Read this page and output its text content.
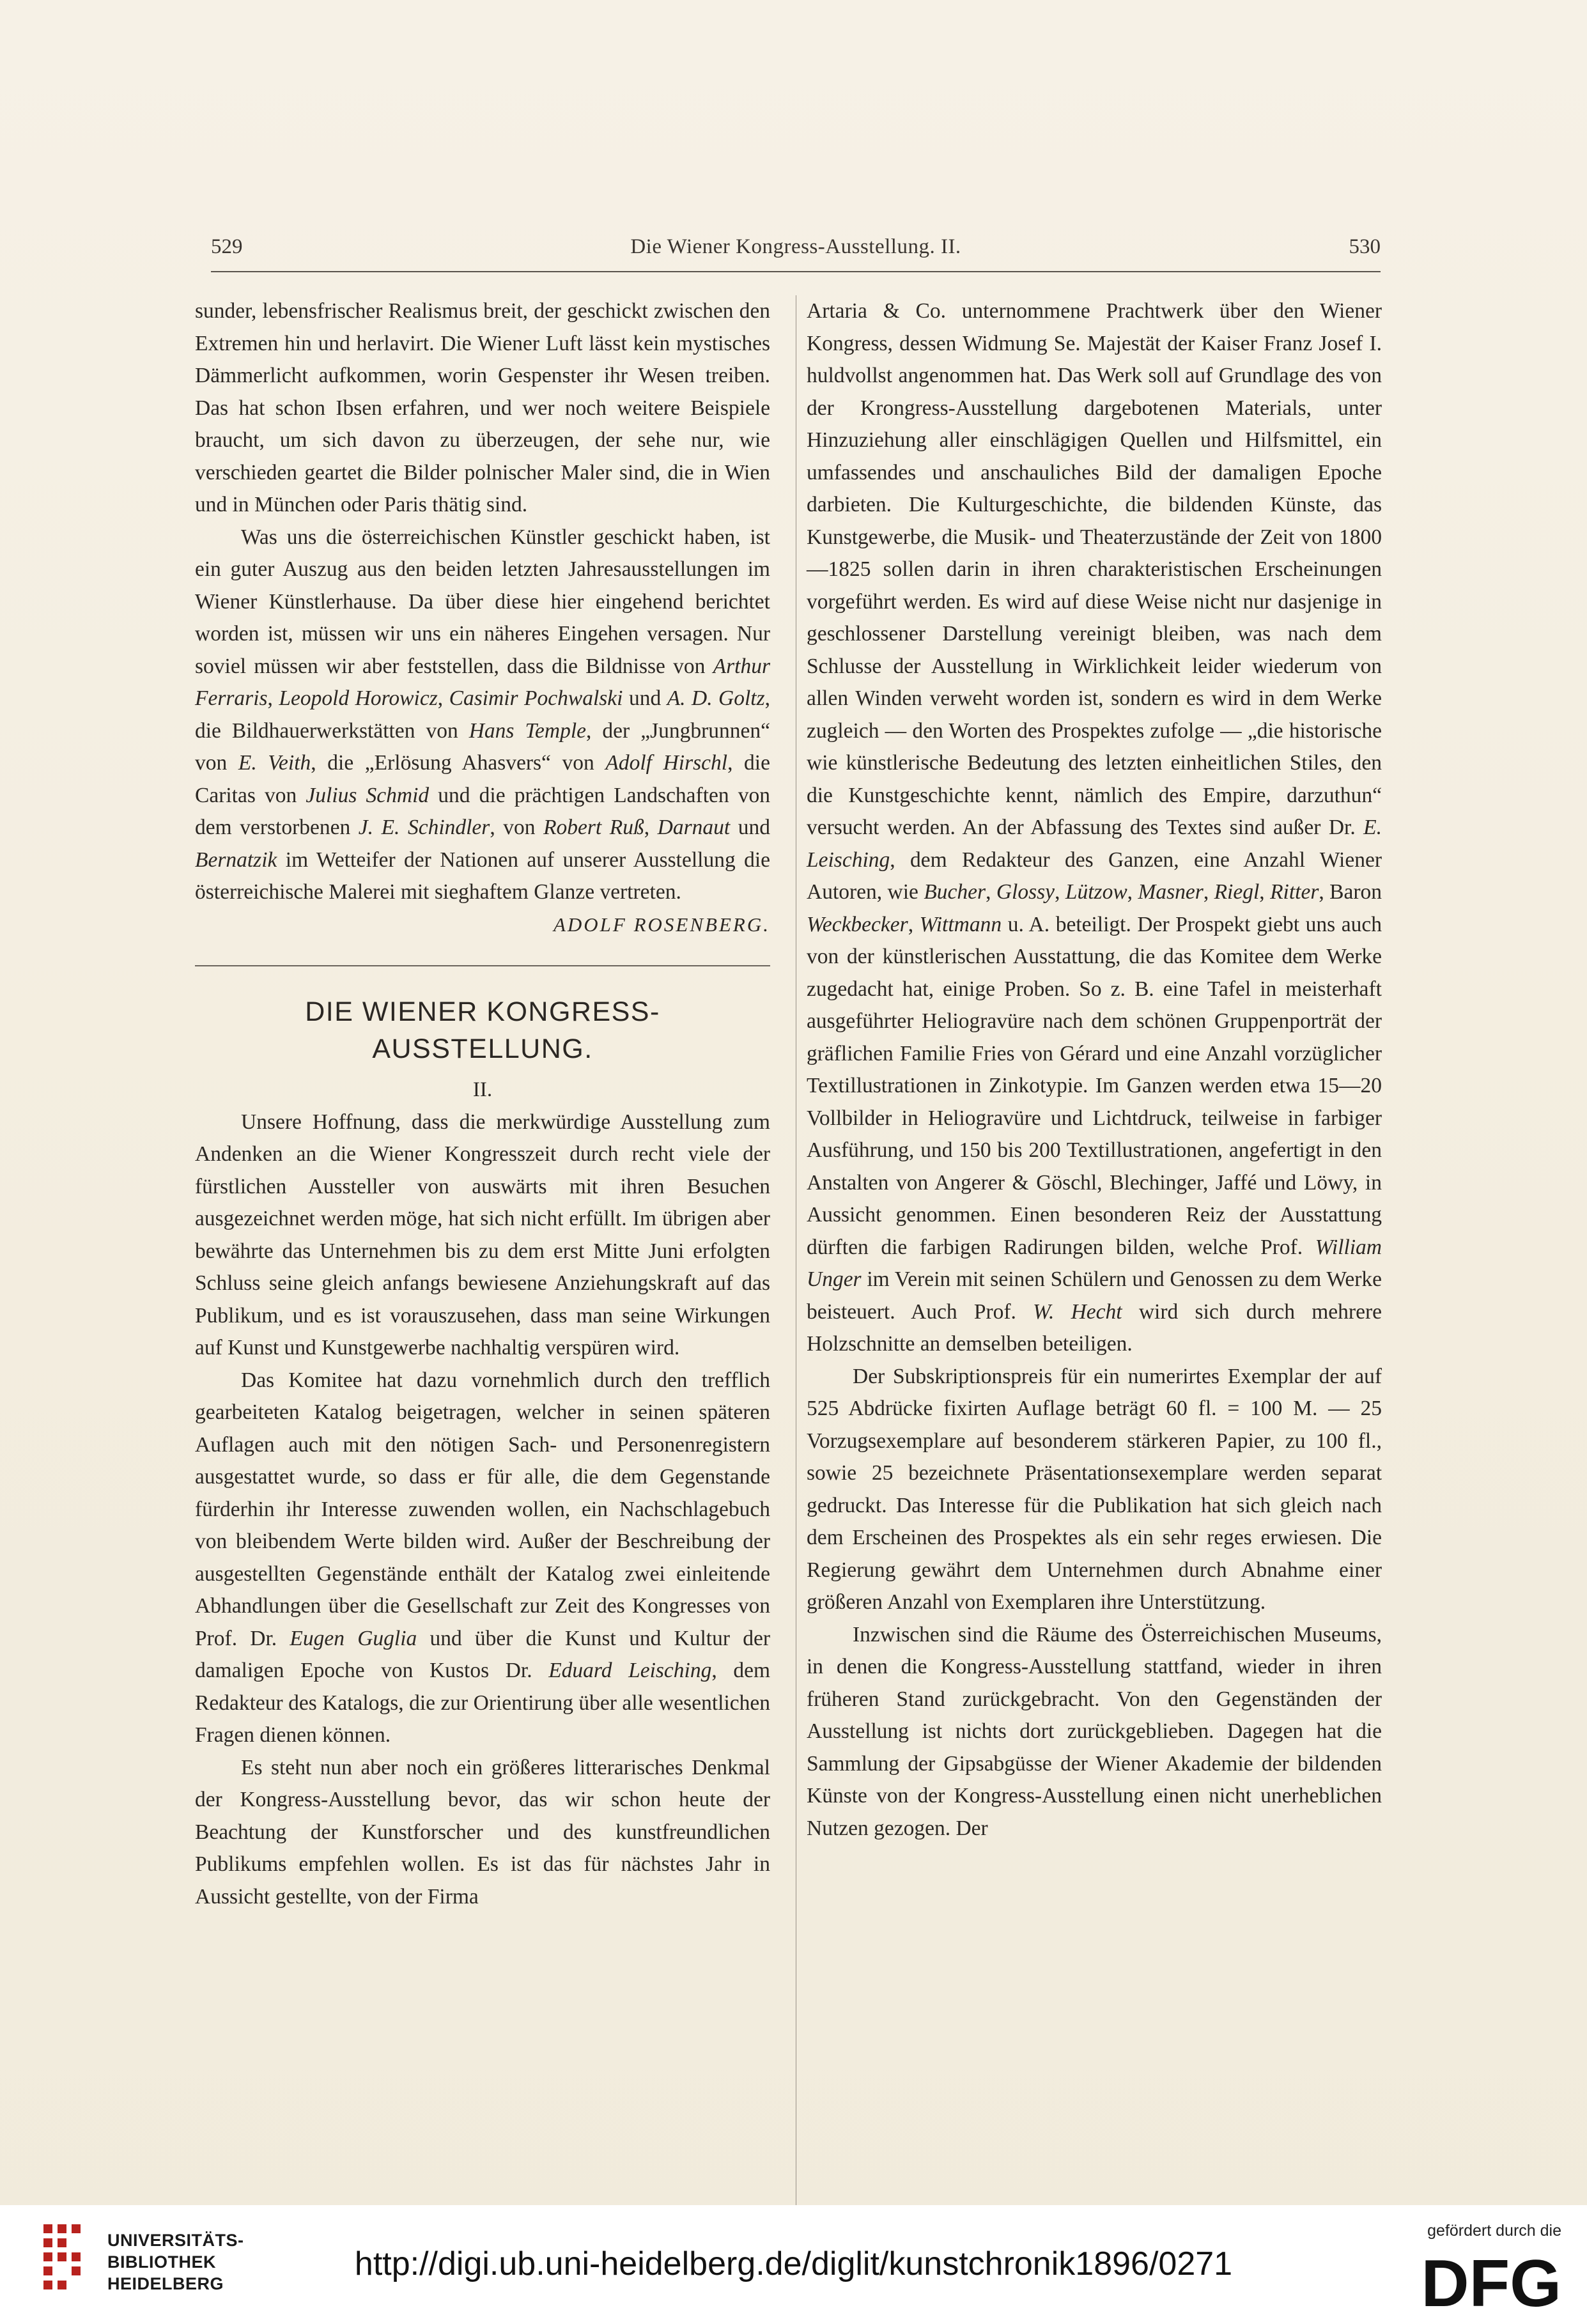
529	Die Wiener Kongress-Ausstellung. II.	530

sunder, lebensfrischer Realismus breit, der geschickt zwischen den Extremen hin und herlavirt. Die Wiener Luft lässt kein mystisches Dämmerlicht aufkommen, worin Gespenster ihr Wesen treiben. Das hat schon Ibsen erfahren, und wer noch weitere Beispiele braucht, um sich davon zu überzeugen, der sehe nur, wie verschieden geartet die Bilder polnischer Maler sind, die in Wien und in München oder Paris thätig sind.

Was uns die österreichischen Künstler geschickt haben, ist ein guter Auszug aus den beiden letzten Jahresausstellungen im Wiener Künstlerhause. Da über diese hier eingehend berichtet worden ist, müssen wir uns ein näheres Eingehen versagen. Nur soviel müssen wir aber feststellen, dass die Bildnisse von Arthur Ferraris, Leopold Horowicz, Casimir Pochwalski und A. D. Goltz, die Bildhauerwerkstätten von Hans Temple, der „Jungbrunnen“ von E. Veith, die „Erlösung Ahasvers“ von Adolf Hirschl, die Caritas von Julius Schmid und die prächtigen Landschaften von dem verstorbenen J. E. Schindler, von Robert Ruß, Darnaut und Bernatzik im Wetteifer der Nationen auf unserer Ausstellung die österreichische Malerei mit sieghaftem Glanze vertreten.

ADOLF ROSENBERG.

DIE WIENER KONGRESS-AUSSTELLUNG.

II.

Unsere Hoffnung, dass die merkwürdige Ausstellung zum Andenken an die Wiener Kongresszeit durch recht viele der fürstlichen Aussteller von auswärts mit ihren Besuchen ausgezeichnet werden möge, hat sich nicht erfüllt. Im übrigen aber bewährte das Unternehmen bis zu dem erst Mitte Juni erfolgten Schluss seine gleich anfangs bewiesene Anziehungskraft auf das Publikum, und es ist vorauszusehen, dass man seine Wirkungen auf Kunst und Kunstgewerbe nachhaltig verspüren wird.

Das Komitee hat dazu vornehmlich durch den trefflich gearbeiteten Katalog beigetragen, welcher in seinen späteren Auflagen auch mit den nötigen Sach- und Personenregistern ausgestattet wurde, so dass er für alle, die dem Gegenstande fürderhin ihr Interesse zuwenden wollen, ein Nachschlagebuch von bleibendem Werte bilden wird. Außer der Beschreibung der ausgestellten Gegenstände enthält der Katalog zwei einleitende Abhandlungen über die Gesellschaft zur Zeit des Kongresses von Prof. Dr. Eugen Guglia und über die Kunst und Kultur der damaligen Epoche von Kustos Dr. Eduard Leisching, dem Redakteur des Katalogs, die zur Orientirung über alle wesentlichen Fragen dienen können.

Es steht nun aber noch ein größeres litterarisches Denkmal der Kongress-Ausstellung bevor, das wir schon heute der Beachtung der Kunstforscher und des kunstfreundlichen Publikums empfehlen wollen. Es ist das für nächstes Jahr in Aussicht gestellte, von der Firma

Artaria & Co. unternommene Prachtwerk über den Wiener Kongress, dessen Widmung Se. Majestät der Kaiser Franz Josef I. huldvollst angenommen hat. Das Werk soll auf Grundlage des von der Krongress-Ausstellung dargebotenen Materials, unter Hinzuziehung aller einschlägigen Quellen und Hilfsmittel, ein umfassendes und anschauliches Bild der damaligen Epoche darbieten. Die Kulturgeschichte, die bildenden Künste, das Kunstgewerbe, die Musik- und Theaterzustände der Zeit von 1800—1825 sollen darin in ihren charakteristischen Erscheinungen vorgeführt werden. Es wird auf diese Weise nicht nur dasjenige in geschlossener Darstellung vereinigt bleiben, was nach dem Schlusse der Ausstellung in Wirklichkeit leider wiederum von allen Winden verweht worden ist, sondern es wird in dem Werke zugleich — den Worten des Prospektes zufolge — „die historische wie künstlerische Bedeutung des letzten einheitlichen Stiles, den die Kunstgeschichte kennt, nämlich des Empire, darzuthun“ versucht werden. An der Abfassung des Textes sind außer Dr. E. Leisching, dem Redakteur des Ganzen, eine Anzahl Wiener Autoren, wie Bucher, Glossy, Lützow, Masner, Riegl, Ritter, Baron Weckbecker, Wittmann u. A. beteiligt. Der Prospekt giebt uns auch von der künstlerischen Ausstattung, die das Komitee dem Werke zugedacht hat, einige Proben. So z. B. eine Tafel in meisterhaft ausgeführter Heliogravüre nach dem schönen Gruppenporträt der gräflichen Familie Fries von Gérard und eine Anzahl vorzüglicher Textillustrationen in Zinkotypie. Im Ganzen werden etwa 15—20 Vollbilder in Heliogravüre und Lichtdruck, teilweise in farbiger Ausführung, und 150 bis 200 Textillustrationen, angefertigt in den Anstalten von Angerer & Göschl, Blechinger, Jaffé und Löwy, in Aussicht genommen. Einen besonderen Reiz der Ausstattung dürften die farbigen Radirungen bilden, welche Prof. William Unger im Verein mit seinen Schülern und Genossen zu dem Werke beisteuert. Auch Prof. W. Hecht wird sich durch mehrere Holzschnitte an demselben beteiligen.

Der Subskriptionspreis für ein numerirtes Exemplar der auf 525 Abdrücke fixirten Auflage beträgt 60 fl. = 100 M. — 25 Vorzugsexemplare auf besonderem stärkeren Papier, zu 100 fl., sowie 25 bezeichnete Präsentationsexemplare werden separat gedruckt. Das Interesse für die Publikation hat sich gleich nach dem Erscheinen des Prospektes als ein sehr reges erwiesen. Die Regierung gewährt dem Unternehmen durch Abnahme einer größeren Anzahl von Exemplaren ihre Unterstützung.

Inzwischen sind die Räume des Österreichischen Museums, in denen die Kongress-Ausstellung stattfand, wieder in ihren früheren Stand zurückgebracht. Von den Gegenständen der Ausstellung ist nichts dort zurückgeblieben. Dagegen hat die Sammlung der Gipsabgüsse der Wiener Akademie der bildenden Künste von der Kongress-Ausstellung einen nicht unerheblichen Nutzen gezogen. Der

UNIVERSITÄTS-
BIBLIOTHEK
HEIDELBERG
http://digi.ub.uni-heidelberg.de/diglit/kunstchronik1896/0271
gefördert durch die
DFG
